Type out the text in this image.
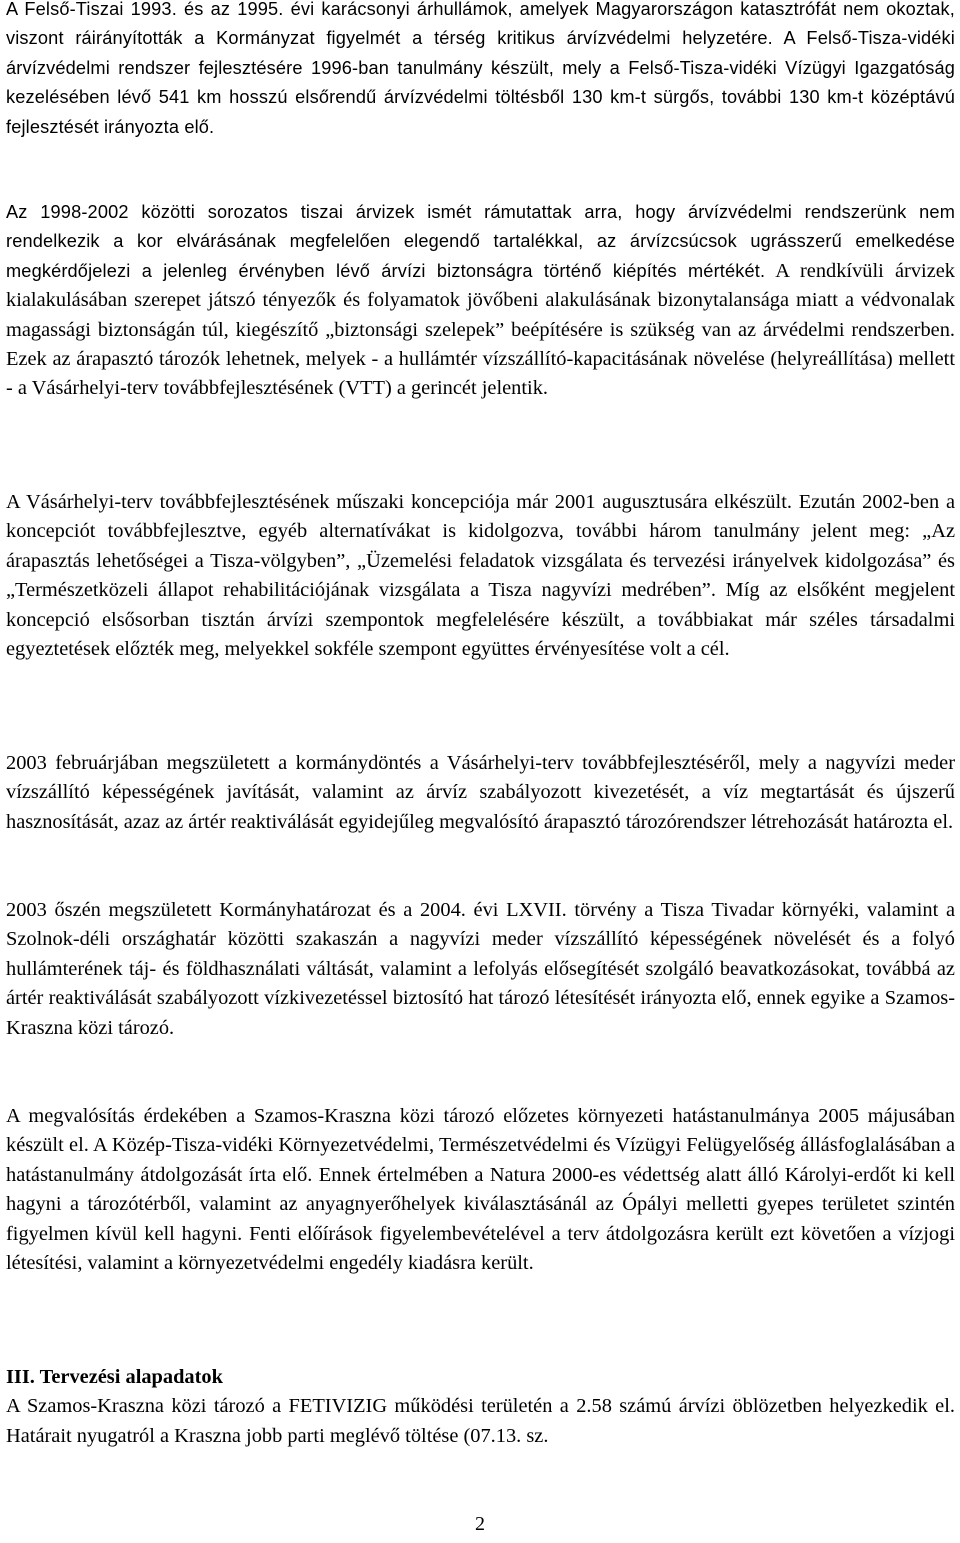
A Felső-Tiszai 1993. és az 1995. évi karácsonyi árhullámok, amelyek Magyarországon katasztrófát nem okoztak, viszont ráirányították a Kormányzat figyelmét a térség kritikus árvízvédelmi helyzetére. A Felső-Tisza-vidéki árvízvédelmi rendszer fejlesztésére 1996-ban tanulmány készült, mely a Felső-Tisza-vidéki Vízügyi Igazgatóság kezelésében lévő 541 km hosszú elsőrendű árvízvédelmi töltésből 130 km-t sürgős, további 130 km-t középtávú fejlesztését irányozta elő.

Az 1998-2002 közötti sorozatos tiszai árvizek ismét rámutattak arra, hogy árvízvédelmi rendszerünk nem rendelkezik a kor elvárásának megfelelően elegendő tartalékkal, az árvízcsúcsok ugrásszerű emelkedése megkérdőjelezi a jelenleg érvényben lévő árvízi biztonságra történő kiépítés mértékét. A rendkívüli árvizek kialakulásában szerepet játszó tényezők és folyamatok jövőbeni alakulásának bizonytalansága miatt a védvonalak magassági biztonságán túl, kiegészítő „biztonsági szelepek” beépítésére is szükség van az árvédelmi rendszerben. Ezek az árapasztó tározók lehetnek, melyek - a hullámtér vízszállító-kapacitásának növelése (helyreállítása) mellett - a Vásárhelyi-terv továbbfejlesztésének (VTT) a gerincét jelentik.

A Vásárhelyi-terv továbbfejlesztésének műszaki koncepciója már 2001 augusztusára elkészült. Ezután 2002-ben a koncepciót továbbfejlesztve, egyéb alternatívákat is kidolgozva, további három tanulmány jelent meg: „Az árapasztás lehetőségei a Tisza-völgyben”, „Üzemelési feladatok vizsgálata és tervezési irányelvek kidolgozása” és „Természetközeli állapot rehabilitációjának vizsgálata a Tisza nagyvízi medrében”. Míg az elsőként megjelent koncepció elsősorban tisztán árvízi szempontok megfelelésére készült, a továbbiakat már széles társadalmi egyeztetések előzték meg, melyekkel sokféle szempont együttes érvényesítése volt a cél.

2003 februárjában megszületett a kormánydöntés a Vásárhelyi-terv továbbfejlesztéséről, mely a nagyvízi meder vízszállító képességének javítását, valamint az árvíz szabályozott kivezetését, a víz megtartását és újszerű hasznosítását, azaz az ártér reaktiválását egyidejűleg megvalósító árapasztó tározórendszer létrehozását határozta el.

2003 őszén megszületett Kormányhatározat és a 2004. évi LXVII. törvény a Tisza Tivadar környéki, valamint a Szolnok-déli országhatár közötti szakaszán a nagyvízi meder vízszállító képességének növelését és a folyó hullámterének táj- és földhasználati váltását, valamint a lefolyás elősegítését szolgáló beavatkozásokat, továbbá az ártér reaktiválását szabályozott vízkivezetéssel biztosító hat tározó létesítését irányozta elő, ennek egyike a Szamos-Kraszna közi tározó.

A megvalósítás érdekében a Szamos-Kraszna közi tározó előzetes környezeti hatástanulmánya 2005 májusában készült el. A Közép-Tisza-vidéki Környezetvédelmi, Természetvédelmi és Vízügyi Felügyelőség állásfoglalásában a hatástanulmány átdolgozását írta elő. Ennek értelmében a Natura 2000-es védettség alatt álló Károlyi-erdőt ki kell hagyni a tározótérből, valamint az anyagnyerőhelyek kiválasztásánál az Ópályi melletti gyepes területet szintén figyelmen kívül kell hagyni. Fenti előírások figyelembevételével a terv átdolgozásra került ezt követően a vízjogi létesítési, valamint a környezetvédelmi engedély kiadásra került.

III. Tervezési alapadatok

A Szamos-Kraszna közi tározó a FETIVIZIG működési területén a 2.58 számú árvízi öblözetben helyezkedik el. Határait nyugatról a Kraszna jobb parti meglévő töltése (07.13. sz.

2
